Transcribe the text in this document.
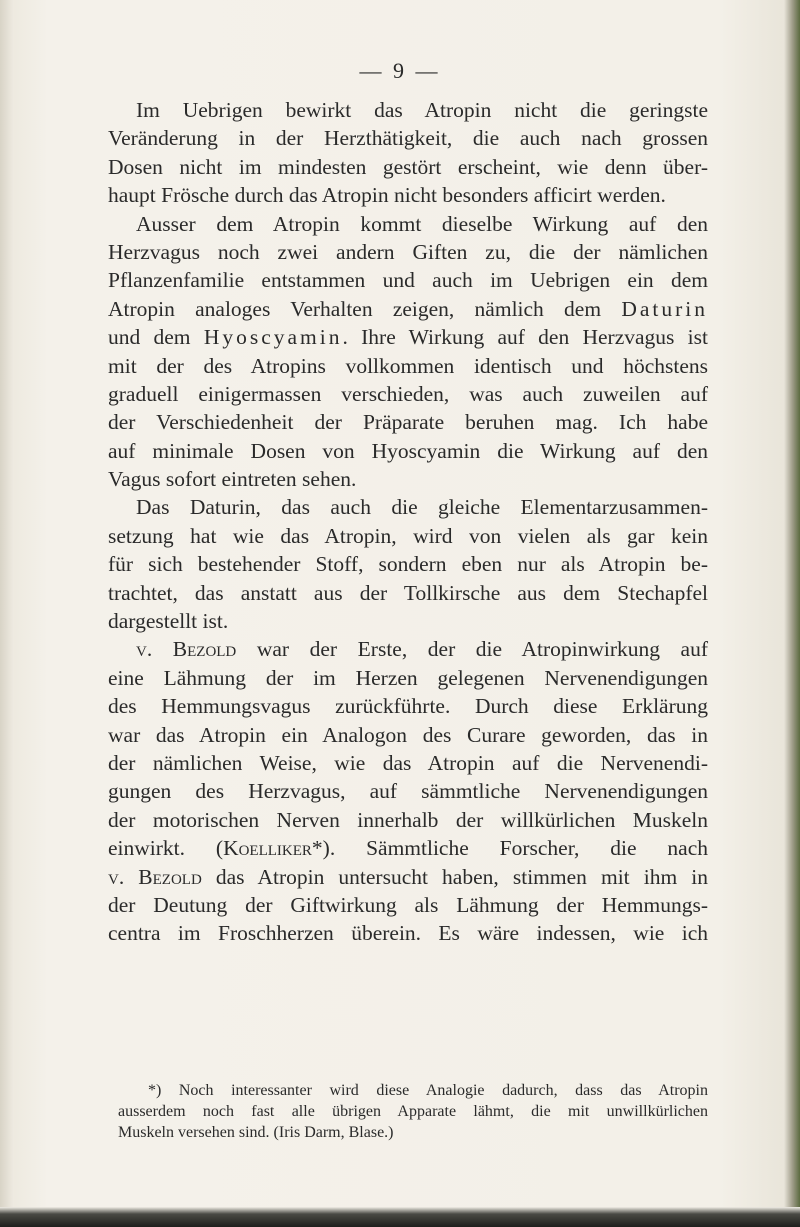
— 9 —
Im Uebrigen bewirkt das Atropin nicht die geringste
Veränderung in der Herzthätigkeit, die auch nach grossen
Dosen nicht im mindesten gestört erscheint, wie denn über-
haupt Frösche durch das Atropin nicht besonders afficirt werden.
Ausser dem Atropin kommt dieselbe Wirkung auf den
Herzvagus noch zwei andern Giften zu, die der nämlichen
Pflanzenfamilie entstammen und auch im Uebrigen ein dem
Atropin analoges Verhalten zeigen, nämlich dem Daturin
und dem Hyoscyamin. Ihre Wirkung auf den Herzvagus ist
mit der des Atropins vollkommen identisch und höchstens
graduell einigermassen verschieden, was auch zuweilen auf
der Verschiedenheit der Präparate beruhen mag. Ich habe
auf minimale Dosen von Hyoscyamin die Wirkung auf den
Vagus sofort eintreten sehen.
Das Daturin, das auch die gleiche Elementarzusammen-
setzung hat wie das Atropin, wird von vielen als gar kein
für sich bestehender Stoff, sondern eben nur als Atropin be-
trachtet, das anstatt aus der Tollkirsche aus dem Stechapfel
dargestellt ist.
v. Bezold war der Erste, der die Atropinwirkung auf
eine Lähmung der im Herzen gelegenen Nervenendigungen
des Hemmungsvagus zurückführte. Durch diese Erklärung
war das Atropin ein Analogon des Curare geworden, das in
der nämlichen Weise, wie das Atropin auf die Nervenendi-
gungen des Herzvagus, auf sämmtliche Nervenendigungen
der motorischen Nerven innerhalb der willkürlichen Muskeln
einwirkt. (Koelliker*). Sämmtliche Forscher, die nach
v. Bezold das Atropin untersucht haben, stimmen mit ihm in
der Deutung der Giftwirkung als Lähmung der Hemmungs-
centra im Froschherzen überein. Es wäre indessen, wie ich
*) Noch interessanter wird diese Analogie dadurch, dass das Atropin
ausserdem noch fast alle übrigen Apparate lähmt, die mit unwillkürlichen
Muskeln versehen sind. (Iris Darm, Blase.)
